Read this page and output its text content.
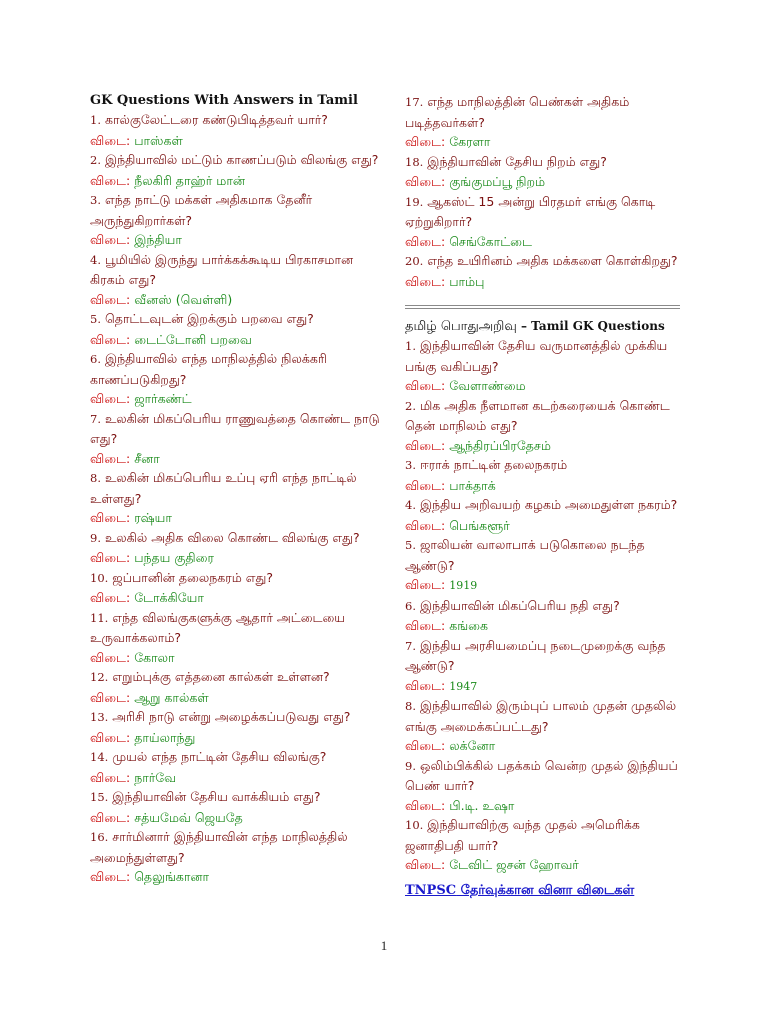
GK Questions With Answers in Tamil
1. கால்குலேட்டரை கண்டுபிடித்தவர் யார்?
விடை: பாஸ்கள்
2. இந்தியாவில் மட்டும் காணப்படும் விலங்கு எது?
விடை: நீலகிரி தாஹ்ர் மான்
3. எந்த நாட்டு மக்கள் அதிகமாக தேனீர் அருந்துகிறார்கள்?
விடை: இந்தியா
4. பூமியில் இருந்து பார்க்கக்கூடிய பிரகாசமான கிரகம் எது?
விடை: வீனஸ் (வெள்ளி)
5. தொட்டவுடன் இறக்கும் பறவை எது?
விடை: டைட்டோனி பறவை
6. இந்தியாவில் எந்த மாநிலத்தில் நிலக்கரி காணப்படுகிறது?
விடை: ஜார்கண்ட்
7. உலகின் மிகப்பெரிய ராணுவத்தை கொண்ட நாடு எது?
விடை: சீனா
8. உலகின் மிகப்பெரிய உப்பு ஏரி எந்த நாட்டில் உள்ளது?
விடை: ரஷ்யா
9. உலகில் அதிக விலை கொண்ட விலங்கு எது?
விடை: பந்தய குதிரை
10. ஜப்பானின் தலைநகரம் எது?
விடை: டோக்கியோ
11. எந்த விலங்குகளுக்கு ஆதார் அட்டையை உருவாக்கலாம்?
விடை: கோலா
12. எறும்புக்கு எத்தனை கால்கள் உள்ளன?
விடை: ஆறு கால்கள்
13. அரிசி நாடு என்று அழைக்கப்படுவது எது?
விடை: தாய்லாந்து
14. முயல் எந்த நாட்டின் தேசிய விலங்கு?
விடை: நார்வே
15. இந்தியாவின் தேசிய வாக்கியம் எது?
விடை: சத்யமேவ் ஜெயதே
16. சார்மினார் இந்தியாவின் எந்த மாநிலத்தில் அமைந்துள்ளது?
விடை: தெலுங்கானா
17. எந்த மாநிலத்தின் பெண்கள் அதிகம் படித்தவர்கள்?
விடை: கேரளா
18. இந்தியாவின் தேசிய நிறம் எது?
விடை: குங்குமப்பூ நிறம்
19. ஆகஸ்ட் 15 அன்று பிரதமர் எங்கு கொடி ஏற்றுகிறார்?
விடை: செங்கோட்டை
20. எந்த உயிரினம் அதிக மக்களை கொள்கிறது?
விடை: பாம்பு
தமிழ் பொதுஅறிவு – Tamil GK Questions
1. இந்தியாவின் தேசிய வருமானத்தில் முக்கிய பங்கு வகிப்பது?
விடை: வேளாண்மை
2. மிக அதிக நீளமான கடற்கரையைக் கொண்ட தென் மாநிலம் எது?
விடை: ஆந்திரப்பிரதேசம்
3. ஈராக் நாட்டின் தலைநகரம்
விடை: பாக்தாக்
4. இந்திய அறிவயற் கழகம் அமைதுள்ள நகரம்?
விடை: பெங்களூர்
5. ஜாலியன் வாலாபாக் படுகொலை நடந்த ஆண்டு?
விடை: 1919
6. இந்தியாவின் மிகப்பெரிய நதி எது?
விடை: கங்கை
7. இந்திய அரசியமைப்பு நடைமுறைக்கு வந்த ஆண்டு?
விடை: 1947
8. இந்தியாவில் இரும்புப் பாலம் முதன் முதலில் எங்கு அமைக்கப்பட்டது?
விடை: லக்னோ
9. ஒலிம்பிக்கில் பதக்கம் வென்ற முதல் இந்தியப் பெண் யார்?
விடை: பி.டி. உஷா
10. இந்தியாவிற்கு வந்த முதல் அமெரிக்க ஜனாதிபதி யார்?
விடை: டேவிட் ஜசன் ஹோவர்
TNPSC தேர்வுக்கான வினா விடைகள்
1
